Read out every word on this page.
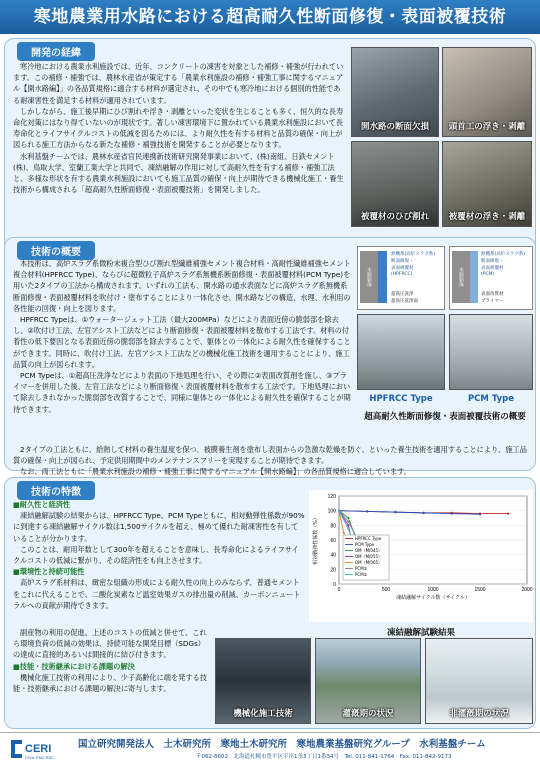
寒地農業用水路における超高耐久性断面修復・表面被覆技術
開発の経緯

寒冷地における農業水利施設では、近年、コンクリートの凍害を対象とした補修・補強が行われています。この補修・補強では、農林水産省が策定する「農業水利施設の補修・補強工事に関するマニュアル【開水路編】」の各品質規格に適合する材料が選定され、その中でも寒冷地における個別的性能である耐凍害性を満足する材料が適用されています。

しかしながら、施工後早期にひび割れや浮き・剥離といった変状を生じることも多く、恒久的な長寿命化対策にはなり得ていないのが現状です。著しい凍害環境下に置かれている農業水利施設において長寿命化とライフサイクルコストの低減を図るためには、より耐久性を有する材料と品質の確保・向上が図られる施工方法からなる新たな補修・補強技術を開発することが必要となります。

水利基盤チームでは、農林水産省官民連携新技術研究開発事業において、(株)南組、日鉄セメント(株)、鳥取大学、室蘭工業大学と共同で、凍結融解の作用に対して高耐久性を有する補修・補強工法と、多様な形状を有する農業水利施設においても施工品質の確保・向上が期待できる機械化施工・養生技術から構成される「超高耐久性断面修復・表面被覆技術」を開発しました。

開水路の断面欠損	頭首工の浮き・剥離
被覆材のひび割れ	被覆材の浮き・剥離
技術の概要

本技術は、高炉スラグ系微粉末複合型ひび割れ型繊維補強セメント複合材料・高耐性繊維補強セメント複合材料(HPFRCC Type)、ならびに超微粒子高炉スラグ系無機系断面修復・表面被覆材料(PCM Type)を用いた2タイプの工法から構成されます。いずれの工法も、開水路の通水表面などに高炉スラグ系無機系断面修復・表面被覆材料を吹付け・塗布することにより一体化させ、開水路などの構造、水理、水利用の各性能の回復・向上を図ります。

HPFRCC Typeは、①ウォータージェット工法（最大200MPa）などにより表面近傍の脆弱部を除去し、②吹付け工法、左官アシスト工法などにより断面修復・表面被覆材料を散布する工法です。材料の付着性の低下要因となる表面近傍の脆弱部を除去することで、躯体との一体化による耐久性を確保することができます。同時に、吹付け工法、左官アシスト工法などの機械化施工技術を適用することにより、施工品質の向上が図られます。

PCM Typeは、①超高圧洗浄などにより表面の下地処理を行い、その際に②表面改質剤を施し、③プライマーを併用した後、左官工法などにより断面修復・表面被覆材料を散布する工法です。下地処理において除去しきれなかった脆弱部を改質することで、同様に躯体との一体化による耐久性を確保することが期待できます。

2タイプの工法ともに、給熱して材料の養生温度を保つ、被膜養生剤を塗布し表面からの急激な乾燥を防ぐ、といった養生技術を適用することにより、施工品質の確保・向上が図られ、予定供用期間中のメンテナンスフリーを実現することが期待できます。

なお、両工法ともに「農業水利施設の補修・補強工事に関するマニュアル【開水路編】」の各品質規格に適合しています。

水路躯体
無機系(高炉スラグ系)
断面修復・
表面被覆材
(HPFRCC)
超高圧洗浄
超高圧洗浄面
水路躯体
無機系(高炉スラグ系)
断面修復・
表面被覆材
(PCM)
表面改質材
プライマー
HPFRCC Type	PCM Type
超高耐久性断面修復・表面被覆技術の概要
技術の特徴

■耐久性と経済性

凍結融解試験の結果からは、HPFRCC Type、PCM Typeともに、相対動弾性係数が90%に到達する凍結融解サイクル数は1,500サイクルを超え、極めて優れた耐凍害性を有していることが分かります。

このことは、耐用年数として300年を超えることを意味し、長寿命化によるライフサイクルコストの低減に繋がり、その経済性をも向上させます。

■環境性と持続可能性

高炉スラグ系材料は、緻密な組織の形成による耐久性の向上のみならず、普通セメントをこれに代えることで、二酸化炭素など温室効果ガスの排出量の削減、カーボンニュートラルへの貢献が期待できます。

副産物の利用の促進、上述のコストの低減と併せて、これら環境負荷の低減の効果は、持続可能な開発目標（SDGs）の達成に直接的あるいは間接的に結び付きます。

■技能・技術継承における課題の解決

機械化施工技術の利用により、少子高齢化に端を発する技能・技術継承における課題の解決に寄与します。

0
20
40
60
80
100
120
0	500	1000	1500	2000
凍結融解サイクル数（サイクル）
相対動弾性係数（%）	HPFRCC Type
PCM Type
OM（M/045）
OM（M/055）
OM（M/065）
PCM①
PCM②
凍結融解試験結果
機械化施工技術	灌漑期の状況	非灌漑期の状況
CERI
CIVIL ENG RSCH
国立研究開発法人　土木研究所　寒地土木研究所　寒地農業基盤研究グループ　水利基盤チーム
〒062-8602　北海道札幌市豊平区平岸1条3丁目1番34号　Tel. 011-841-1764　Fax. 011-842-9173
